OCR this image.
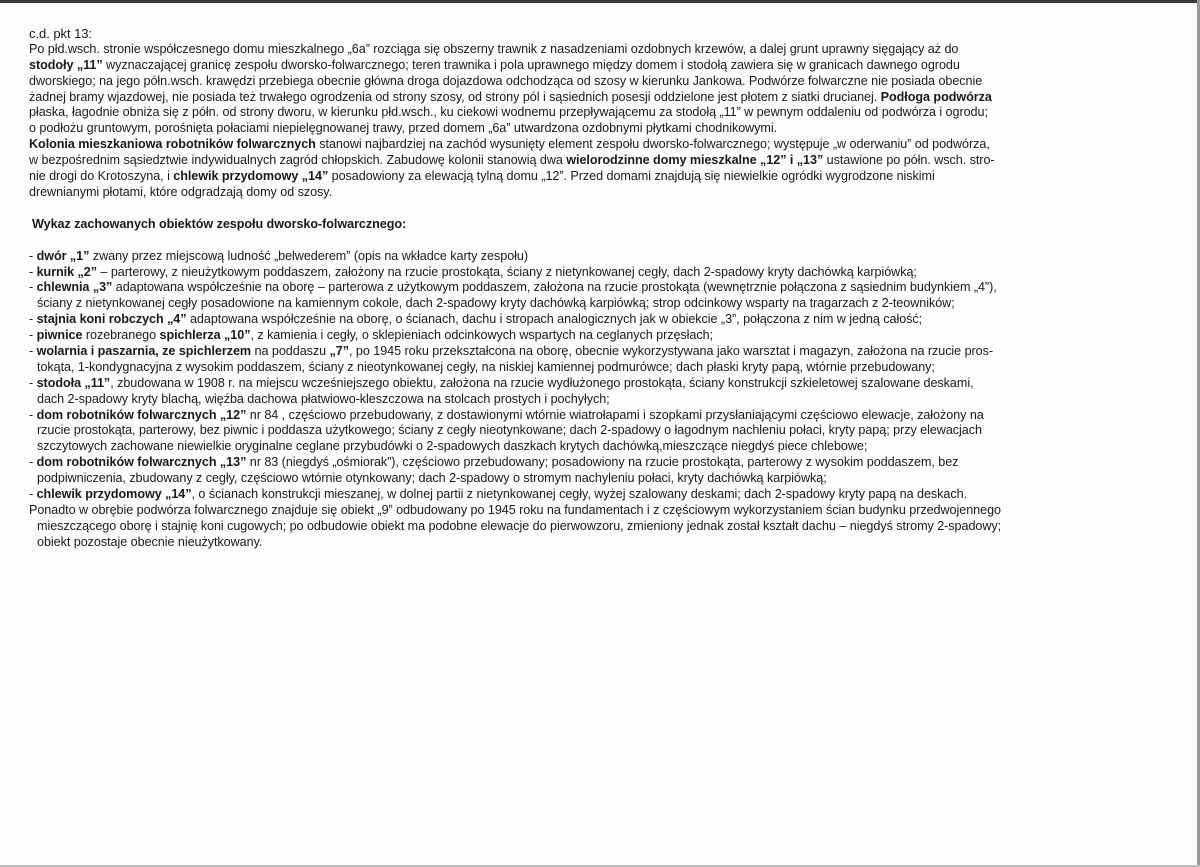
c.d. pkt 13:
Po płd.wsch. stronie współczesnego domu mieszkalnego „6a” rozciąga się obszerny trawnik z nasadzeniami ozdobnych krzewów, a dalej grunt uprawny sięgający aż do
stodoły „11” wyznaczającej granicę zespołu dworsko-folwarcznego; teren trawnika i pola uprawnego między domem i stodołą zawiera się w granicach dawnego ogrodu
dworskiego; na jego półn.wsch. krawędzi przebiega obecnie główna droga dojazdowa odchodząca od szosy w kierunku Jankowa. Podwórze folwarczne nie posiada obecnie
żadnej bramy wjazdowej, nie posiada też trwałego ogrodzenia od strony szosy, od strony pól i sąsiednich posesji oddzielone jest płotem z siatki drucianej. Podłoga podwórza
płaska, łagodnie obniża się z półn. od strony dworu, w kierunku płd.wsch., ku ciekowi wodnemu przepływającemu za stodołą „11” w pewnym oddaleniu od podwórza i ogrodu;
o podłożu gruntowym, porośnięta połaciami niepielęgnowanej trawy, przed domem „6a” utwardzona ozdobnymi płytkami chodnikowymi.
Kolonia mieszkaniowa robotników folwarcznych stanowi najbardziej na zachód wysunięty element zespołu dworsko-folwarcznego; występuje „w oderwaniu” od podwórza,
w bezpośrednim sąsiedztwie indywidualnych zagród chłopskich. Zabudowę kolonii stanowią dwa wielorodzinne domy mieszkalne „12” i „13” ustawione po półn. wsch. stro-
nie drogi do Krotoszyna, i chlewik przydomowy „14” posadowiony za elewacją tylną domu „12”. Przed domami znajdują się niewielkie ogródki wygrodzone niskimi
drewnianymi płotami, które odgradzają domy od szosy.
Wykaz zachowanych obiektów zespołu dworsko-folwarcznego:
- dwór „1” zwany przez miejscową ludność „belwederem” (opis na wkładce karty zespołu)
- kurnik „2” – parterowy, z nieużytkowym poddaszem, założony na rzucie prostokąta, ściany z nietynkowanej cegły, dach 2-spadowy kryty dachówką karpiówką;
- chlewnia „3” adaptowana współcześnie na oborę – parterowa z użytkowym poddaszem, założona na rzucie prostokąta (wewnętrznie połączona z sąsiednim budynkiem „4”),
ściany z nietynkowanej cegły posadowione na kamiennym cokole, dach 2-spadowy kryty dachówką karpiówką; strop odcinkowy wsparty na tragarzach z 2-teowników;
- stajnia koni robczych „4” adaptowana współcześnie na oborę, o ścianach, dachu i stropach analogicznych jak w obiekcie „3”, połączona z nim w jedną całość;
- piwnice rozebranego spichlerza „10”, z kamienia i cegły, o sklepieniach odcinkowych wspartych na ceglanych przęsłach;
- wolarnia i paszarnia, ze spichlerzem na poddaszu „7”, po 1945 roku przekształcona na oborę, obecnie wykorzystywana jako warsztat i magazyn, założona na rzucie pros-
tokąta, 1-kondygnacyjna z wysokim poddaszem, ściany z nieotynkowanej cegły, na niskiej kamiennej podmurówce; dach płaski kryty papą, wtórnie przebudowany;
- stodoła „11”, zbudowana w 1908 r. na miejscu wcześniejszego obiektu, założona na rzucie wydłużonego prostokąta, ściany konstrukcji szkieletowej szalowane deskami,
dach 2-spadowy kryty blachą, więźba dachowa płatwiowo-kleszczowa na stolcach prostych i pochyłych;
- dom robotników folwarcznych „12” nr 84 , częściowo przebudowany, z dostawionymi wtórnie wiatrołapami i szopkami przysłaniającymi częściowo elewacje, założony na
rzucie prostokąta, parterowy, bez piwnic i poddasza użytkowego; ściany z cegły nieotynkowane; dach 2-spadowy o łagodnym nachleniu połaci, kryty papą; przy elewacjach
szczytowych zachowane niewielkie oryginalne ceglane przybudówki o 2-spadowych daszkach krytych dachówką,mieszczące niegdyś piece chlebowe;
- dom robotników folwarcznych „13” nr 83 (niegdyś „ośmiorak”), częściowo przebudowany; posadowiony na rzucie prostokąta, parterowy z wysokim poddaszem, bez
podpiwniczenia, zbudowany z cegły, częściowo wtórnie otynkowany; dach 2-spadowy o stromym nachyleniu połaci, kryty dachówką karpiówką;
- chlewik przydomowy „14”, o ścianach konstrukcji mieszanej, w dolnej partii z nietynkowanej cegły, wyżej szalowany deskami; dach 2-spadowy kryty papą na deskach.
Ponadto w obrębie podwórza folwarcznego znajduje się obiekt „9” odbudowany po 1945 roku na fundamentach i z częściowym wykorzystaniem ścian budynku przedwojennego
mieszczącego oborę i stajnię koni cugowych; po odbudowie obiekt ma podobne elewacje do pierwowzoru, zmieniony jednak został kształt dachu – niegdyś stromy 2-spadowy;
obiekt pozostaje obecnie nieużytkowany.
